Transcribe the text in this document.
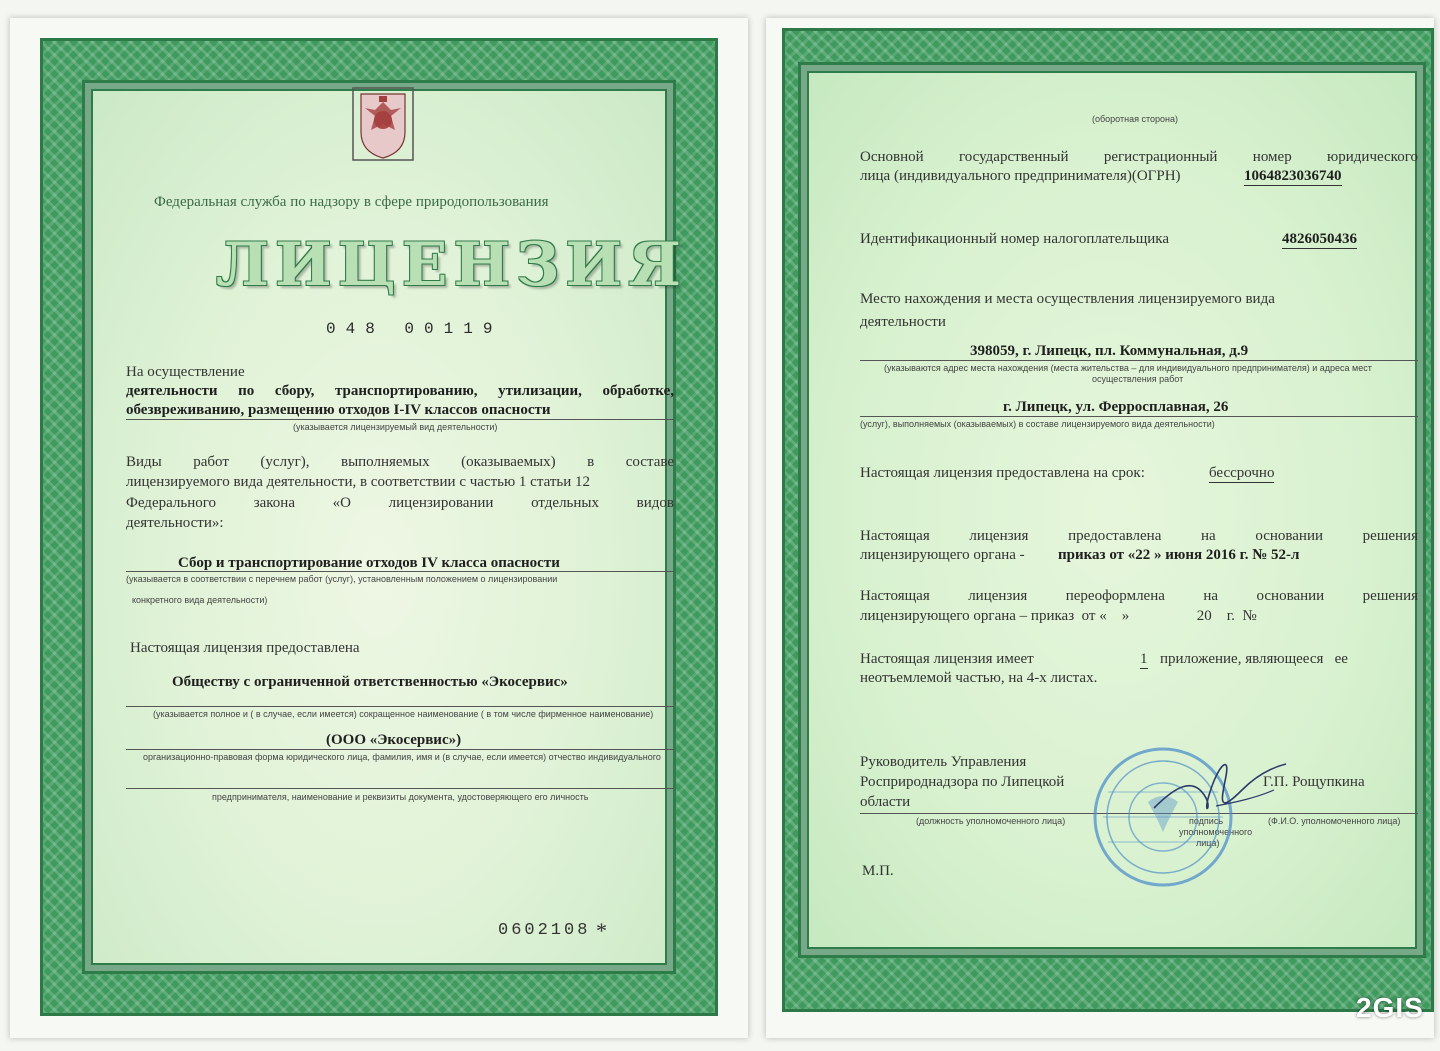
Федеральная служба по надзору в сфере природопользования
ЛИЦЕНЗИЯ
048 00119
На осуществление
деятельности по сбору, транспортированию, утилизации, обработке,
обезвреживанию, размещению отходов I-IV классов опасности
(указывается лицензируемый вид деятельности)
Виды работ (услуг), выполняемых (оказываемых) в составе
лицензируемого вида деятельности, в соответствии с частью 1 статьи 12
Федерального закона «О лицензировании отдельных видов
деятельности»:
Сбор и транспортирование отходов IV класса опасности
(указывается в соответствии с перечнем работ (услуг), установленным положением о лицензировании
конкретного вида деятельности)
Настоящая лицензия предоставлена
Обществу с ограниченной ответственностью «Экосервис»
(указывается полное и ( в случае, если имеется) сокращенное наименование ( в том числе фирменное наименование)
(ООО «Экосервис»)
организационно-правовая форма юридического лица, фамилия, имя и (в случае, если имеется) отчество индивидуального
предпринимателя, наименование и реквизиты документа, удостоверяющего его личность
0602108 *
(оборотная сторона)
Основной государственный регистрационный номер юридического
лица (индивидуального предпринимателя)(ОГРН)	1064823036740
Идентификационный номер налогоплательщика	4826050436
Место нахождения и места осуществления лицензируемого вида
деятельности
398059, г. Липецк, пл. Коммунальная, д.9
(указываются адрес места нахождения (места жительства – для индивидуального предпринимателя) и адреса мест
осуществления работ
г. Липецк, ул. Ферросплавная, 26
(услуг), выполняемых (оказываемых) в составе лицензируемого вида деятельности)
Настоящая лицензия предоставлена на срок:	бессрочно
Настоящая лицензия предоставлена на основании решения
лицензирующего органа - приказ от «22 » июня 2016 г. № 52-л
Настоящая лицензия переоформлена на основании решения
лицензирующего органа – приказ  от «    »                  20    г.  №
Настоящая лицензия имеет	1 приложение, являющееся   ее
неотъемлемой частью, на 4-х листах.
Руководитель Управления
Росприроднадзора по Липецкой
области
Г.П. Рощупкина
(должность уполномоченного лица)	подпись
уполномоченного
лица)
(Ф.И.О. уполномоченного лица)
М.П.
2GIS
